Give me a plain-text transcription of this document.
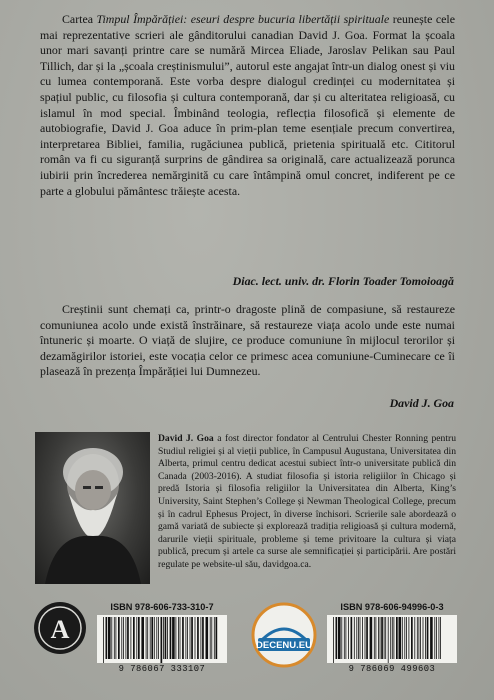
Cartea Timpul Împărăției: eseuri despre bucuria libertății spirituale reunește cele mai reprezentative scrieri ale gânditorului canadian David J. Goa. Format la școala unor mari savanți printre care se numără Mircea Eliade, Jaroslav Pelikan sau Paul Tillich, dar și la „școala creștinismului”, autorul este angajat într-un dialog onest și viu cu lumea contemporană. Este vorba despre dialogul credinței cu modernitatea și spațiul public, cu filosofia și cultura contemporană, dar și cu alteritatea religioasă, cu islamul în mod special. Îmbinând teologia, reflecția filosofică și elemente de autobiografie, David J. Goa aduce în prim-plan teme esențiale precum convertirea, interpretarea Bibliei, familia, rugăciunea publică, prietenia spirituală etc. Cititorul român va fi cu siguranță surprins de gândirea sa originală, care actualizează porunca iubirii prin încrederea nemărginită cu care întâmpină omul concret, indiferent pe ce parte a globului pământesc trăiește acesta.

Diac. lect. univ. dr. Florin Toader Tomoioagă

Creștinii sunt chemați ca, printr-o dragoste plină de compasiune, să restaureze comuniunea acolo unde există înstrăinare, să restaureze viața acolo unde este numai întuneric și moarte. O viață de slujire, ce produce comuniune în mijlocul terorilor și dezamăgirilor istoriei, este vocația celor ce primesc acea comuniune-Cuminecare ce îi plasează în prezența Împărăției lui Dumnezeu.

David J. Goa

David J. Goa a fost director fondator al Centrului Chester Ronning pentru Studiul religiei și al vieții publice, în Campusul Augustana, Universitatea din Alberta, primul centru dedicat acestui subiect într-o universitate publică din Canada (2003-2016). A studiat filosofia și istoria religiilor în Chicago și predă Istoria și filosofia religiilor la Universitatea din Alberta, King’s University, Saint Stephen’s College și Newman Theological College, precum și în cadrul Ephesus Project, în diverse închisori. Scrierile sale abordează o gamă variată de subiecte și explorează tradiția religioasă și cultura modernă, darurile vieții spirituale, probleme și teme privitoare la cultura și viața publică, precum și artele ca surse ale semnificației și participării. Are postări regulate pe website-ul său, davidgoa.ca.

A
ISBN 978-606-733-310-7
9 786067 333107
DECENU.EU
ISBN 978-606-94996-0-3
9 786069 499603
